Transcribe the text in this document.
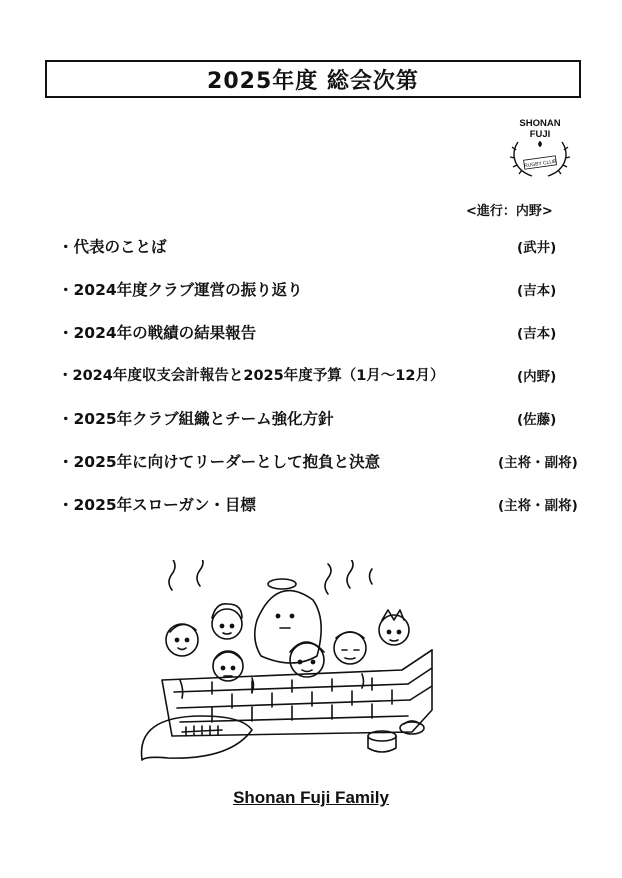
2025年度 総会次第
SHONAN
FUJI
RUGBY CLUB
<進行：内野>
・代表のことば	(武井)
・2024年度クラブ運営の振り返り	(吉本)
・2024年の戦績の結果報告	(吉本)
・2024年度収支会計報告と2025年度予算（1月～12月）	(内野)
・2025年クラブ組織とチーム強化方針	(佐藤)
・2025年に向けてリーダーとして抱負と決意	(主将・副将)
・2025年スローガン・目標	(主将・副将)
Shonan Fuji Family
